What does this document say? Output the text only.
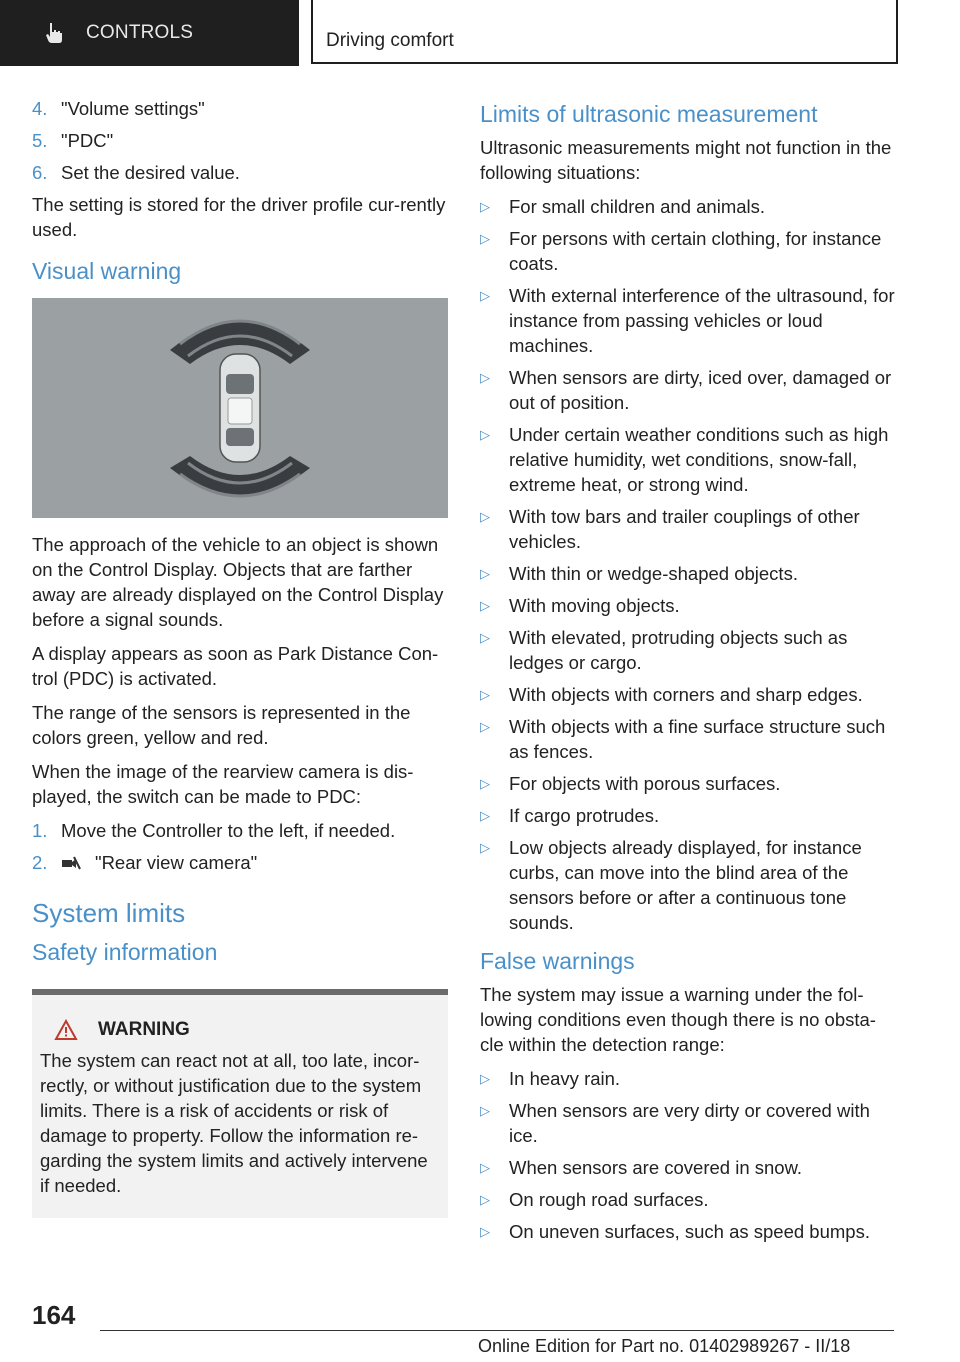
CONTROLS	Driving comfort
4. "Volume settings"
5. "PDC"
6. Set the desired value.

The setting is stored for the driver profile cur-rently used.

Visual warning

The approach of the vehicle to an object is shown on the Control Display. Objects that are farther away are already displayed on the Control Display before a signal sounds.

A display appears as soon as Park Distance Con-trol (PDC) is activated.

The range of the sensors is represented in the colors green, yellow and red.

When the image of the rearview camera is dis-played, the switch can be made to PDC:

1. Move the Controller to the left, if needed.
2.	"Rear view camera"
System limits
Safety information
WARNING

The system can react not at all, too late, incor-rectly, or without justification due to the system limits. There is a risk of accidents or risk of damage to property. Follow the information re-garding the system limits and actively intervene if needed.

Limits of ultrasonic measurement

Ultrasonic measurements might not function in the following situations:

▷	For small children and animals.
▷	For persons with certain clothing, for instance coats.
▷	With external interference of the ultrasound, for instance from passing vehicles or loud machines.
▷	When sensors are dirty, iced over, damaged or out of position.
▷	Under certain weather conditions such as high relative humidity, wet conditions, snow-fall, extreme heat, or strong wind.
▷	With tow bars and trailer couplings of other vehicles.
▷	With thin or wedge-shaped objects.
▷	With moving objects.
▷	With elevated, protruding objects such as ledges or cargo.
▷	With objects with corners and sharp edges.
▷	With objects with a fine surface structure such as fences.
▷	For objects with porous surfaces.
▷	If cargo protrudes.
▷	Low objects already displayed, for instance curbs, can move into the blind area of the sensors before or after a continuous tone sounds.
False warnings

The system may issue a warning under the fol-lowing conditions even though there is no obsta-cle within the detection range:

▷	In heavy rain.
▷	When sensors are very dirty or covered with ice.
▷	When sensors are covered in snow.
▷	On rough road surfaces.
▷	On uneven surfaces, such as speed bumps.
164
Online Edition for Part no. 01402989267 - II/18
